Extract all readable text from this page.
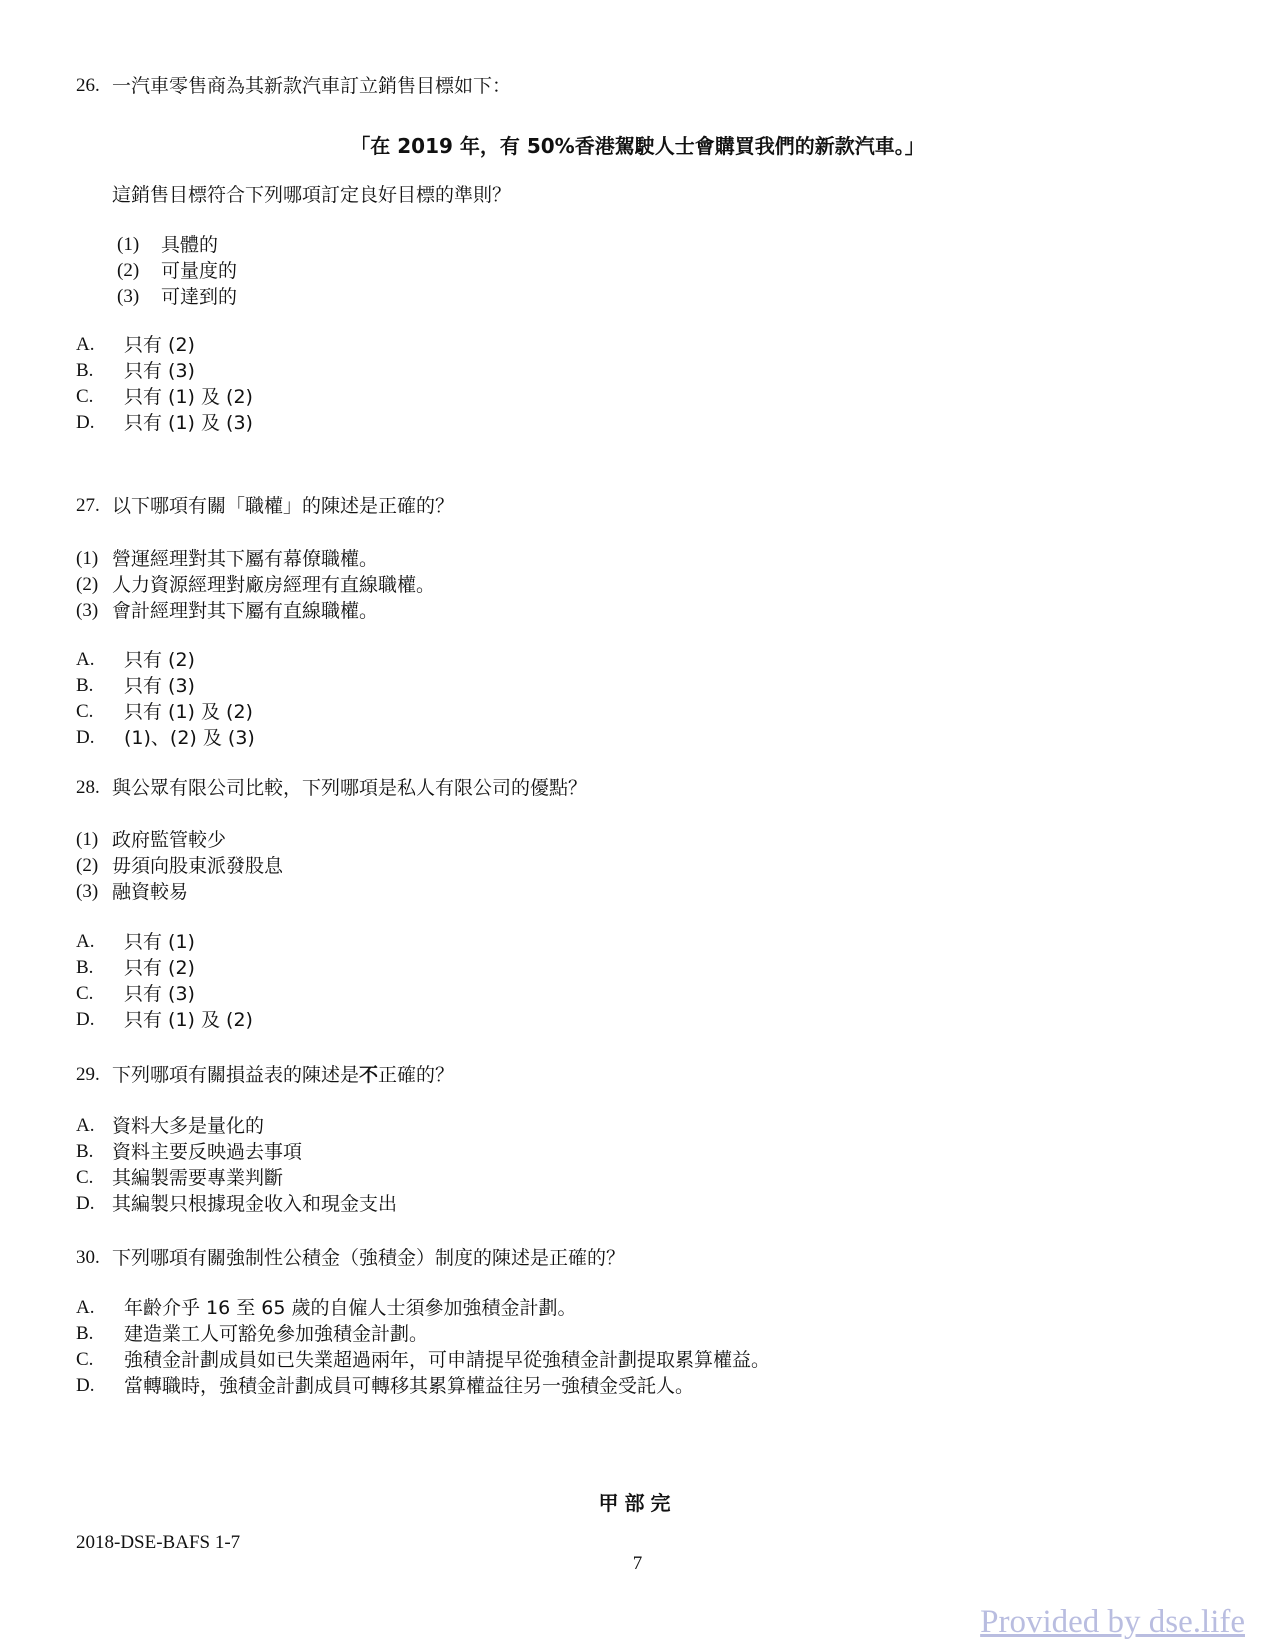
26. 一汽車零售商為其新款汽車訂立銷售目標如下：
「在 2019 年，有 50%香港駕駛人士會購買我們的新款汽車。」
這銷售目標符合下列哪項訂定良好目標的準則？
(1) 具體的
(2) 可量度的
(3) 可達到的
A. 只有 (2)
B. 只有 (3)
C. 只有 (1) 及 (2)
D. 只有 (1) 及 (3)
27. 以下哪項有關「職權」的陳述是正確的？
(1) 營運經理對其下屬有幕僚職權。
(2) 人力資源經理對廠房經理有直線職權。
(3) 會計經理對其下屬有直線職權。
A. 只有 (2)
B. 只有 (3)
C. 只有 (1) 及 (2)
D. (1)、(2) 及 (3)
28. 與公眾有限公司比較，下列哪項是私人有限公司的優點？
(1) 政府監管較少
(2) 毋須向股東派發股息
(3) 融資較易
A. 只有 (1)
B. 只有 (2)
C. 只有 (3)
D. 只有 (1) 及 (2)
29. 下列哪項有關損益表的陳述是不正確的？
A. 資料大多是量化的
B. 資料主要反映過去事項
C. 其編製需要專業判斷
D. 其編製只根據現金收入和現金支出
30. 下列哪項有關強制性公積金（強積金）制度的陳述是正確的？
A. 年齡介乎 16 至 65 歲的自僱人士須參加強積金計劃。
B. 建造業工人可豁免參加強積金計劃。
C. 強積金計劃成員如已失業超過兩年，可申請提早從強積金計劃提取累算權益。
D. 當轉職時，強積金計劃成員可轉移其累算權益往另一強積金受託人。
甲部完
2018-DSE-BAFS 1-7
7
Provided by dse.life
